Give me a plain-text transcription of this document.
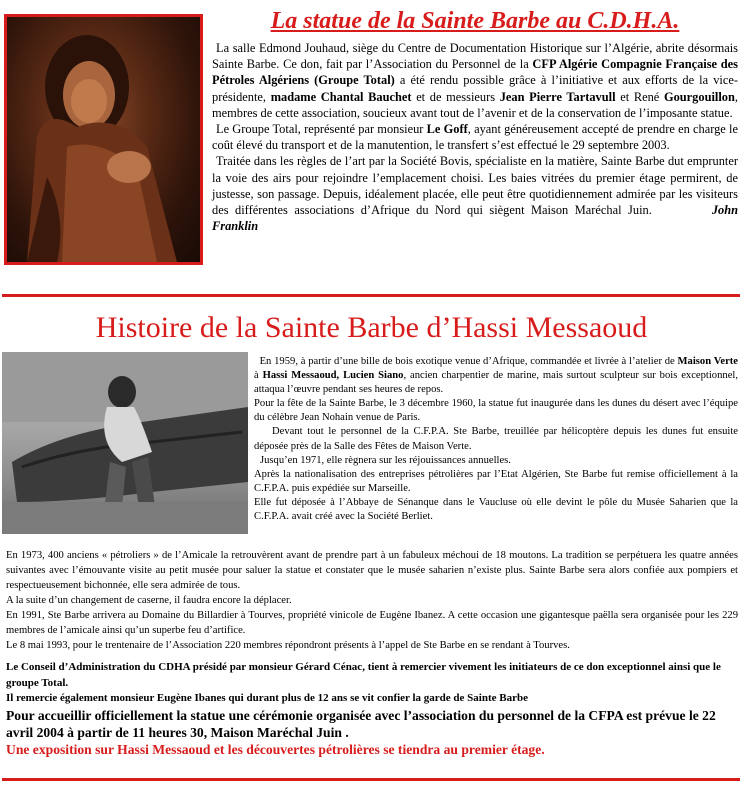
La statue de la Sainte Barbe au C.D.H.A.

La salle Edmond Jouhaud, siège du Centre de Documentation Historique sur l’Algérie, abrite désormais Sainte Barbe. Ce don, fait par l’Association du Personnel de la CFP Algérie Compagnie Française des Pétroles Algériens (Groupe Total) a été rendu possible grâce à l’initiative et aux efforts de la vice-présidente, madame Chantal Bauchet et de messieurs Jean Pierre Tartavull et René Gourgouillon, membres de cette association, soucieux avant tout de l’avenir et de la conservation de l’imposante statue.

Le Groupe Total, représenté par monsieur Le Goff, ayant généreusement accepté de prendre en charge le coût élevé du transport et de la manutention, le transfert s’est effectué le 29 septembre 2003.

Traitée dans les règles de l’art par la Société Bovis, spécialiste en la matière, Sainte Barbe dut emprunter la voie des airs pour rejoindre l’emplacement choisi. Les baies vitrées du premier étage permirent, de justesse, son passage. Depuis, idéalement placée, elle peut être quotidiennement admirée par les visiteurs des différentes associations d’Afrique du Nord qui siègent Maison Maréchal Juin.	John Franklin

Histoire de la Sainte Barbe d’Hassi Messaoud

En 1959, à partir d’une bille de bois exotique venue d’Afrique, commandée et livrée à l’atelier de Maison Verte à Hassi Messaoud, Lucien Siano, ancien charpentier de marine, mais surtout sculpteur sur bois exceptionnel, attaqua l’œuvre pendant ses heures de repos.

Pour la fête de la Sainte Barbe, le 3 décembre 1960, la statue fut inaugurée dans les dunes du désert avec l’équipe du célèbre Jean Nohain venue de Paris.

Devant tout le personnel de la C.F.P.A. Ste Barbe, treuillée par hélicoptère depuis les dunes fut ensuite déposée près de la Salle des Fêtes de Maison Verte.

Jusqu’en 1971, elle règnera sur les réjouissances annuelles.

Après la nationalisation des entreprises pétrolières par l’Etat Algérien, Ste Barbe fut remise officiellement à la C.F.P.A. puis expédiée sur Marseille.

Elle fut déposée à l’Abbaye de Sénanque dans le Vaucluse où elle devint le pôle du Musée Saharien que la C.F.P.A. avait créé avec la Société Berliet.

En 1973, 400 anciens « pétroliers » de l’Amicale la retrouvèrent avant de prendre part à un fabuleux méchoui de 18 moutons. La tradition se perpétuera les quatre années suivantes avec l’émouvante visite au petit musée pour saluer la statue et constater que le musée saharien n’existe plus. Sainte Barbe sera alors confiée aux pompiers et respectueusement bichonnée, elle sera admirée de tous.

A la suite d’un changement de caserne, il faudra encore la déplacer.

En 1991, Ste Barbe arrivera au Domaine du Billardier à Tourves, propriété vinicole de Eugène Ibanez. A cette occasion une gigantesque paëlla sera organisée pour les 229 membres de l’amicale ainsi qu’un superbe feu d’artifice.

Le 8 mai 1993, pour le trentenaire de l’Association 220 membres répondront présents à l’appel de Ste Barbe en se rendant à Tourves.

Le Conseil d’Administration du CDHA présidé par monsieur Gérard Cénac, tient à remercier vivement les initiateurs de ce don exceptionnel ainsi que le groupe Total.

Il remercie également monsieur Eugène Ibanes qui durant plus de 12 ans se vit confier la garde de Sainte Barbe

Pour accueillir officiellement la statue une cérémonie organisée avec l’association du personnel de la CFPA est prévue le 22 avril 2004 à partir de 11 heures 30, Maison Maréchal Juin .

Une exposition sur Hassi Messaoud et les découvertes pétrolières se tiendra au premier étage.
